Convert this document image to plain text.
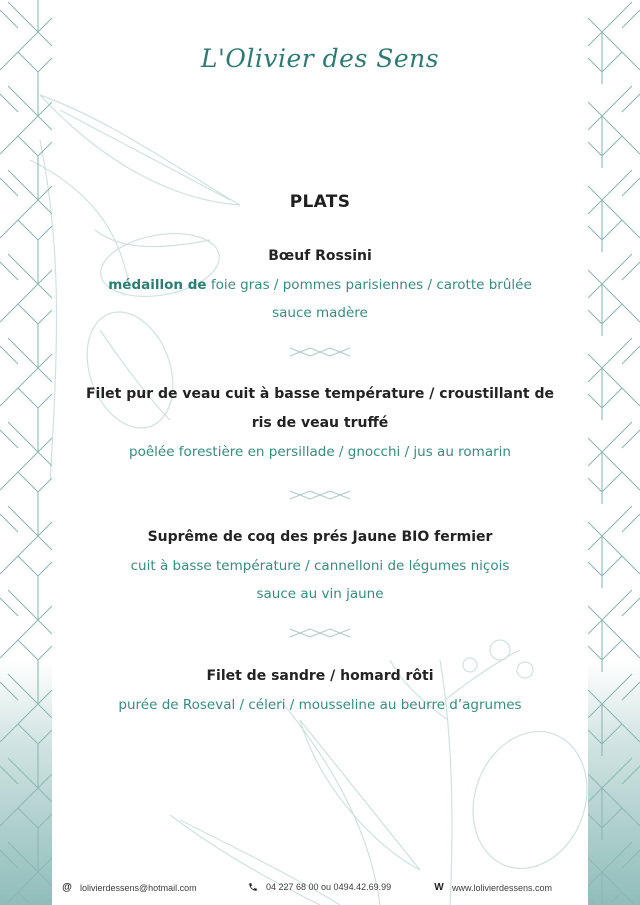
L'Olivier des Sens
PLATS
Bœuf Rossini
médaillon de foie gras / pommes parisiennes / carotte brûlée
sauce madère
Filet pur de veau cuit à basse température / croustillant de
ris de veau truffé
poêlée forestière en persillade / gnocchi / jus au romarin
Suprême de coq des prés Jaune BIO fermier
cuit à basse température / cannelloni de légumes niçois
sauce au vin jaune
Filet de sandre / homard rôti
purée de Roseval / céleri / mousseline au beurre d’agrumes
@ lolivierdessens@hotmail.com	04 227 68 00 ou 0494.42.69.99	W www.lolivierdessens.com
